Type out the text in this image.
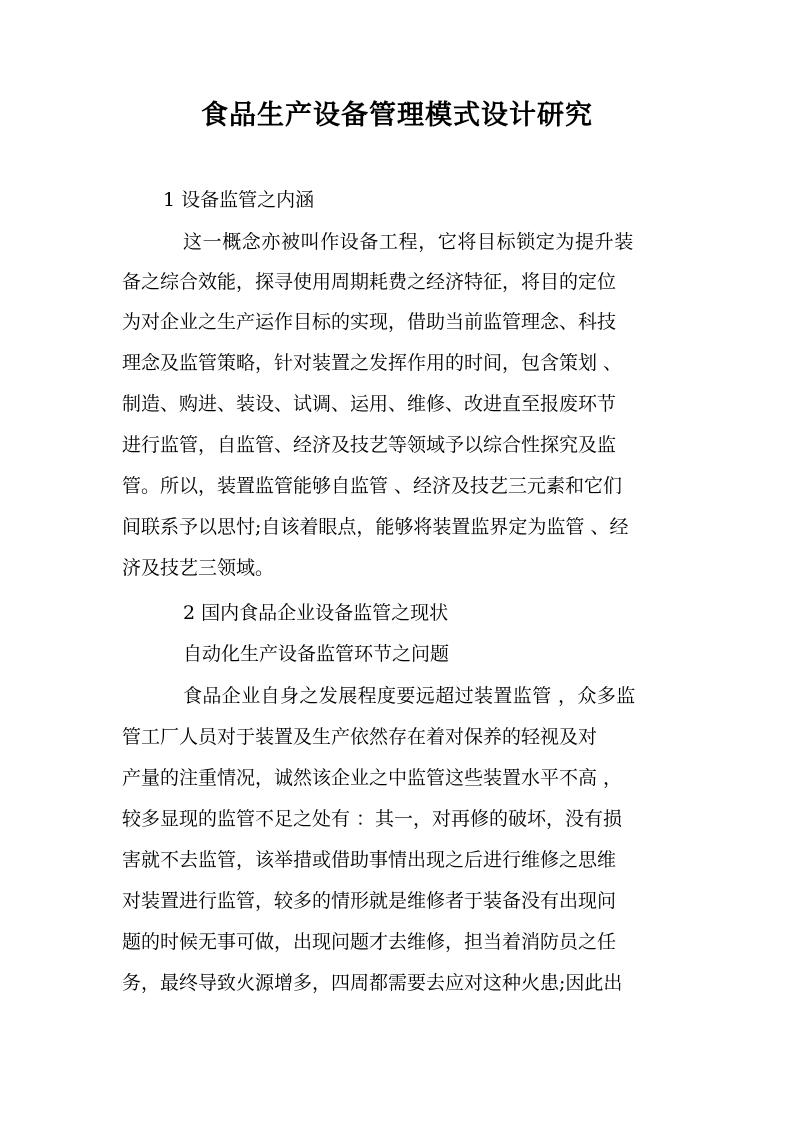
食品生产设备管理模式设计研究
1 设备监管之内涵
这一概念亦被叫作设备工程，它将目标锁定为提升装
备之综合效能，探寻使用周期耗费之经济特征，将目的定位
为对企业之生产运作目标的实现，借助当前监管理念、科技
理念及监管策略，针对装置之发挥作用的时间，包含策划 、
制造、购进、装设、试调、运用、维修、改进直至报废环节
进行监管，自监管、经济及技艺等领域予以综合性探究及监
管。所以，装置监管能够自监管 、经济及技艺三元素和它们
间联系予以思忖;自该着眼点，能够将装置监界定为监管 、经
济及技艺三领域。
2 国内食品企业设备监管之现状
自动化生产设备监管环节之问题
食品企业自身之发展程度要远超过装置监管 ，众多监
管工厂人员对于装置及生产依然存在着对保养的轻视及对
产量的注重情况，诚然该企业之中监管这些装置水平不高 ，
较多显现的监管不足之处有 ：其一，对再修的破坏，没有损
害就不去监管，该举措或借助事情出现之后进行维修之思维
对装置进行监管，较多的情形就是维修者于装备没有出现问
题的时候无事可做，出现问题才去维修，担当着消防员之任
务，最终导致火源增多，四周都需要去应对这种火患;因此出
